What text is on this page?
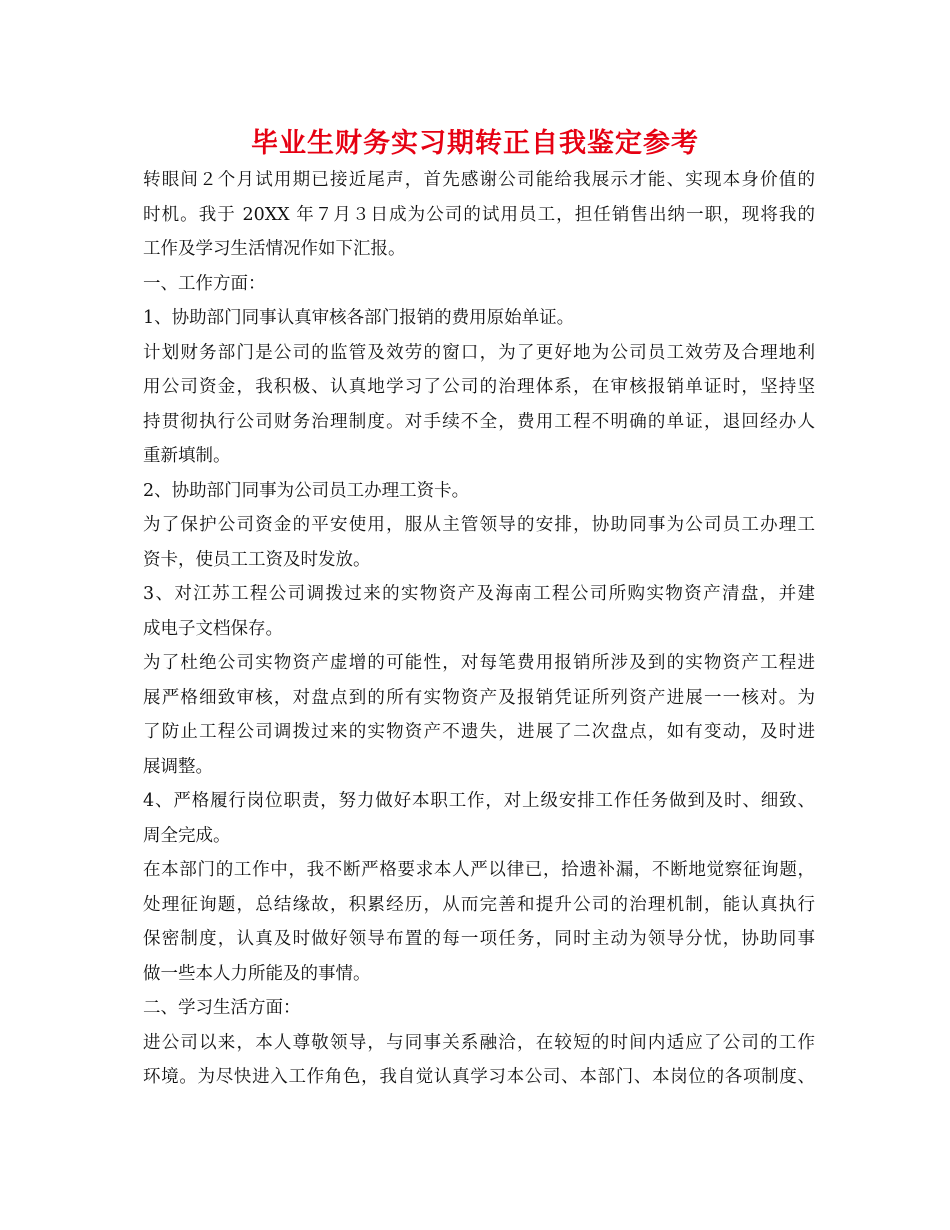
毕业生财务实习期转正自我鉴定参考
转眼间２个月试用期已接近尾声，首先感谢公司能给我展示才能、实现本身价值的
时机。我于 20XX 年７月３日成为公司的试用员工，担任销售出纳一职，现将我的
工作及学习生活情况作如下汇报。
一、工作方面：
1、协助部门同事认真审核各部门报销的费用原始单证。
计划财务部门是公司的监管及效劳的窗口，为了更好地为公司员工效劳及合理地利
用公司资金，我积极、认真地学习了公司的治理体系，在审核报销单证时，坚持坚
持贯彻执行公司财务治理制度。对手续不全，费用工程不明确的单证，退回经办人
重新填制。
2、协助部门同事为公司员工办理工资卡。
为了保护公司资金的平安使用，服从主管领导的安排，协助同事为公司员工办理工
资卡，使员工工资及时发放。
3、对江苏工程公司调拨过来的实物资产及海南工程公司所购实物资产清盘，并建
成电子文档保存。
为了杜绝公司实物资产虚增的可能性，对每笔费用报销所涉及到的实物资产工程进
展严格细致审核，对盘点到的所有实物资产及报销凭证所列资产进展一一核对。为
了防止工程公司调拨过来的实物资产不遗失，进展了二次盘点，如有变动，及时进
展调整。
4、严格履行岗位职责，努力做好本职工作，对上级安排工作任务做到及时、细致、
周全完成。
在本部门的工作中，我不断严格要求本人严以律已，拾遗补漏，不断地觉察征询题，
处理征询题，总结缘故，积累经历，从而完善和提升公司的治理机制，能认真执行
保密制度，认真及时做好领导布置的每一项任务，同时主动为领导分忧，协助同事
做一些本人力所能及的事情。
二、学习生活方面：
进公司以来，本人尊敬领导，与同事关系融洽，在较短的时间内适应了公司的工作
环境。为尽快进入工作角色，我自觉认真学习本公司、本部门、本岗位的各项制度、
